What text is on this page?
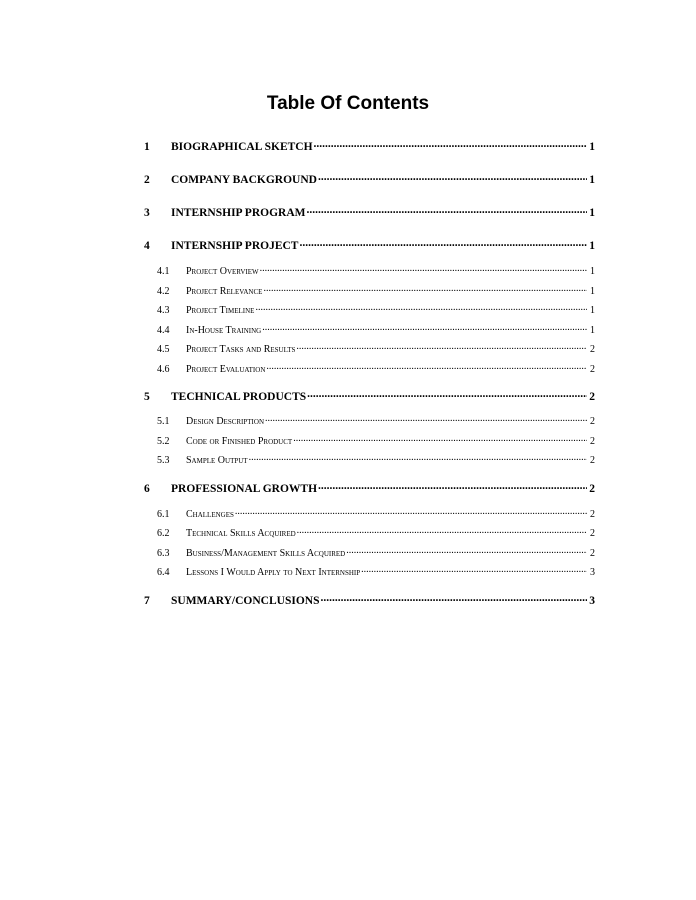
Table Of Contents
1	BIOGRAPHICAL SKETCH .....	1
2	COMPANY BACKGROUND .....	1
3	INTERNSHIP PROGRAM .....	1
4	INTERNSHIP PROJECT .....	1
4.1	Project Overview .....	1
4.2	Project Relevance .....	1
4.3	Project Timeline .....	1
4.4	In-House Training .....	1
4.5	Project Tasks and Results .....	2
4.6	Project Evaluation .....	2
5	TECHNICAL PRODUCTS .....	2
5.1	Design Description .....	2
5.2	Code or Finished Product .....	2
5.3	Sample Output .....	2
6	PROFESSIONAL GROWTH .....	2
6.1	Challenges .....	2
6.2	Technical Skills Acquired .....	2
6.3	Business/Management Skills Acquired .....	2
6.4	Lessons I Would Apply to Next Internship .....	3
7	SUMMARY/CONCLUSIONS .....	3
